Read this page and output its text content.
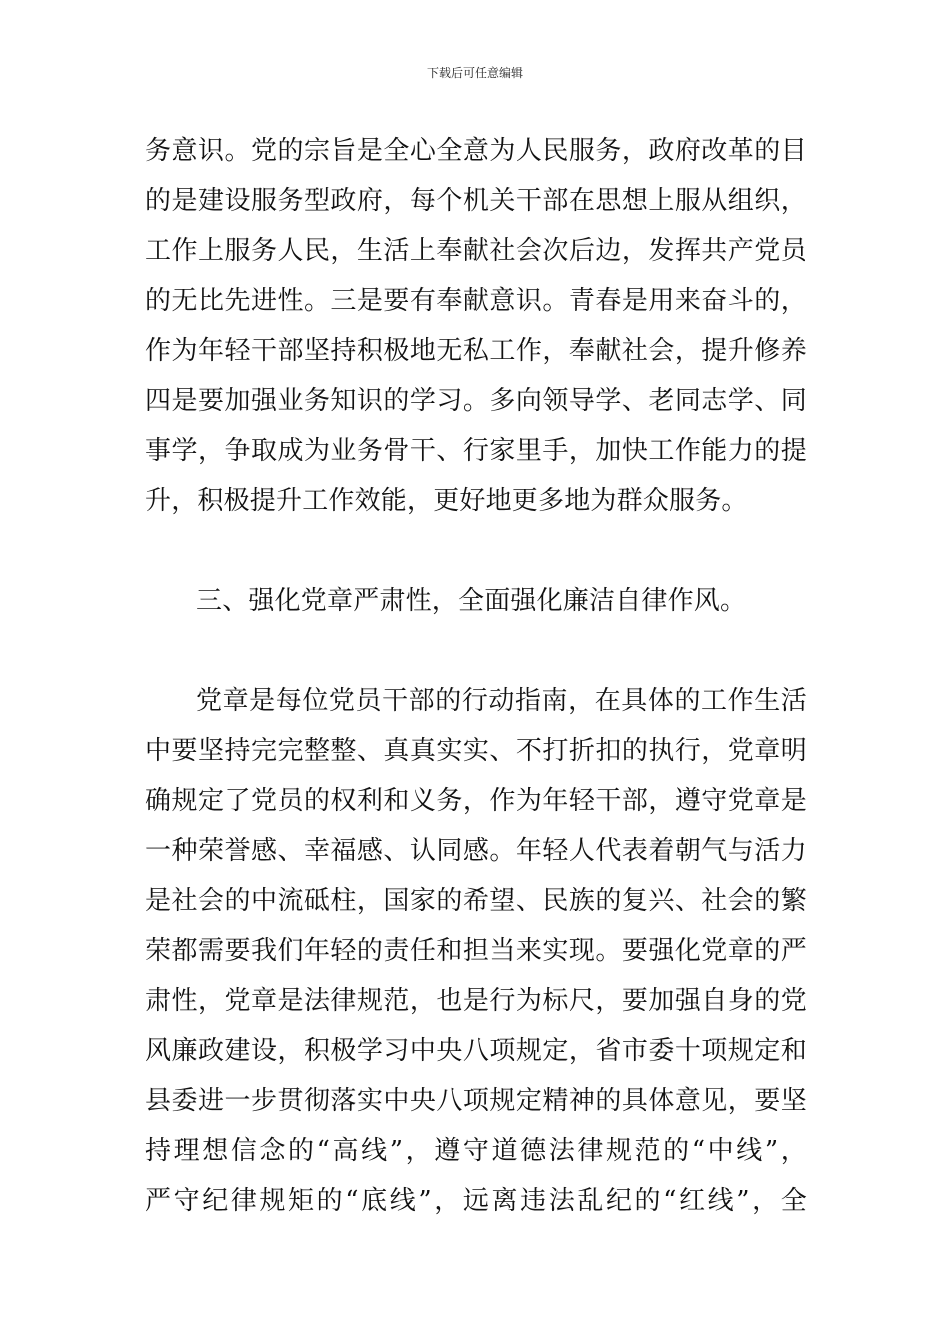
下载后可任意编辑
务意识。党的宗旨是全心全意为人民服务，政府改革的目
的是建设服务型政府，每个机关干部在思想上服从组织，
工作上服务人民，生活上奉献社会次后边，发挥共产党员
的无比先进性。三是要有奉献意识。青春是用来奋斗的，
作为年轻干部坚持积极地无私工作，奉献社会，提升修养
四是要加强业务知识的学习。多向领导学、老同志学、同
事学，争取成为业务骨干、行家里手，加快工作能力的提
升，积极提升工作效能，更好地更多地为群众服务。
三、强化党章严肃性，全面强化廉洁自律作风。
党章是每位党员干部的行动指南，在具体的工作生活
中要坚持完完整整、真真实实、不打折扣的执行，党章明
确规定了党员的权利和义务，作为年轻干部，遵守党章是
一种荣誉感、幸福感、认同感。年轻人代表着朝气与活力
是社会的中流砥柱，国家的希望、民族的复兴、社会的繁
荣都需要我们年轻的责任和担当来实现。要强化党章的严
肃性，党章是法律规范，也是行为标尺，要加强自身的党
风廉政建设，积极学习中央八项规定，省市委十项规定和
县委进一步贯彻落实中央八项规定精神的具体意见，要坚
持理想信念的“高线”，遵守道德法律规范的“中线”，
严守纪律规矩的“底线”，远离违法乱纪的“红线”，全
